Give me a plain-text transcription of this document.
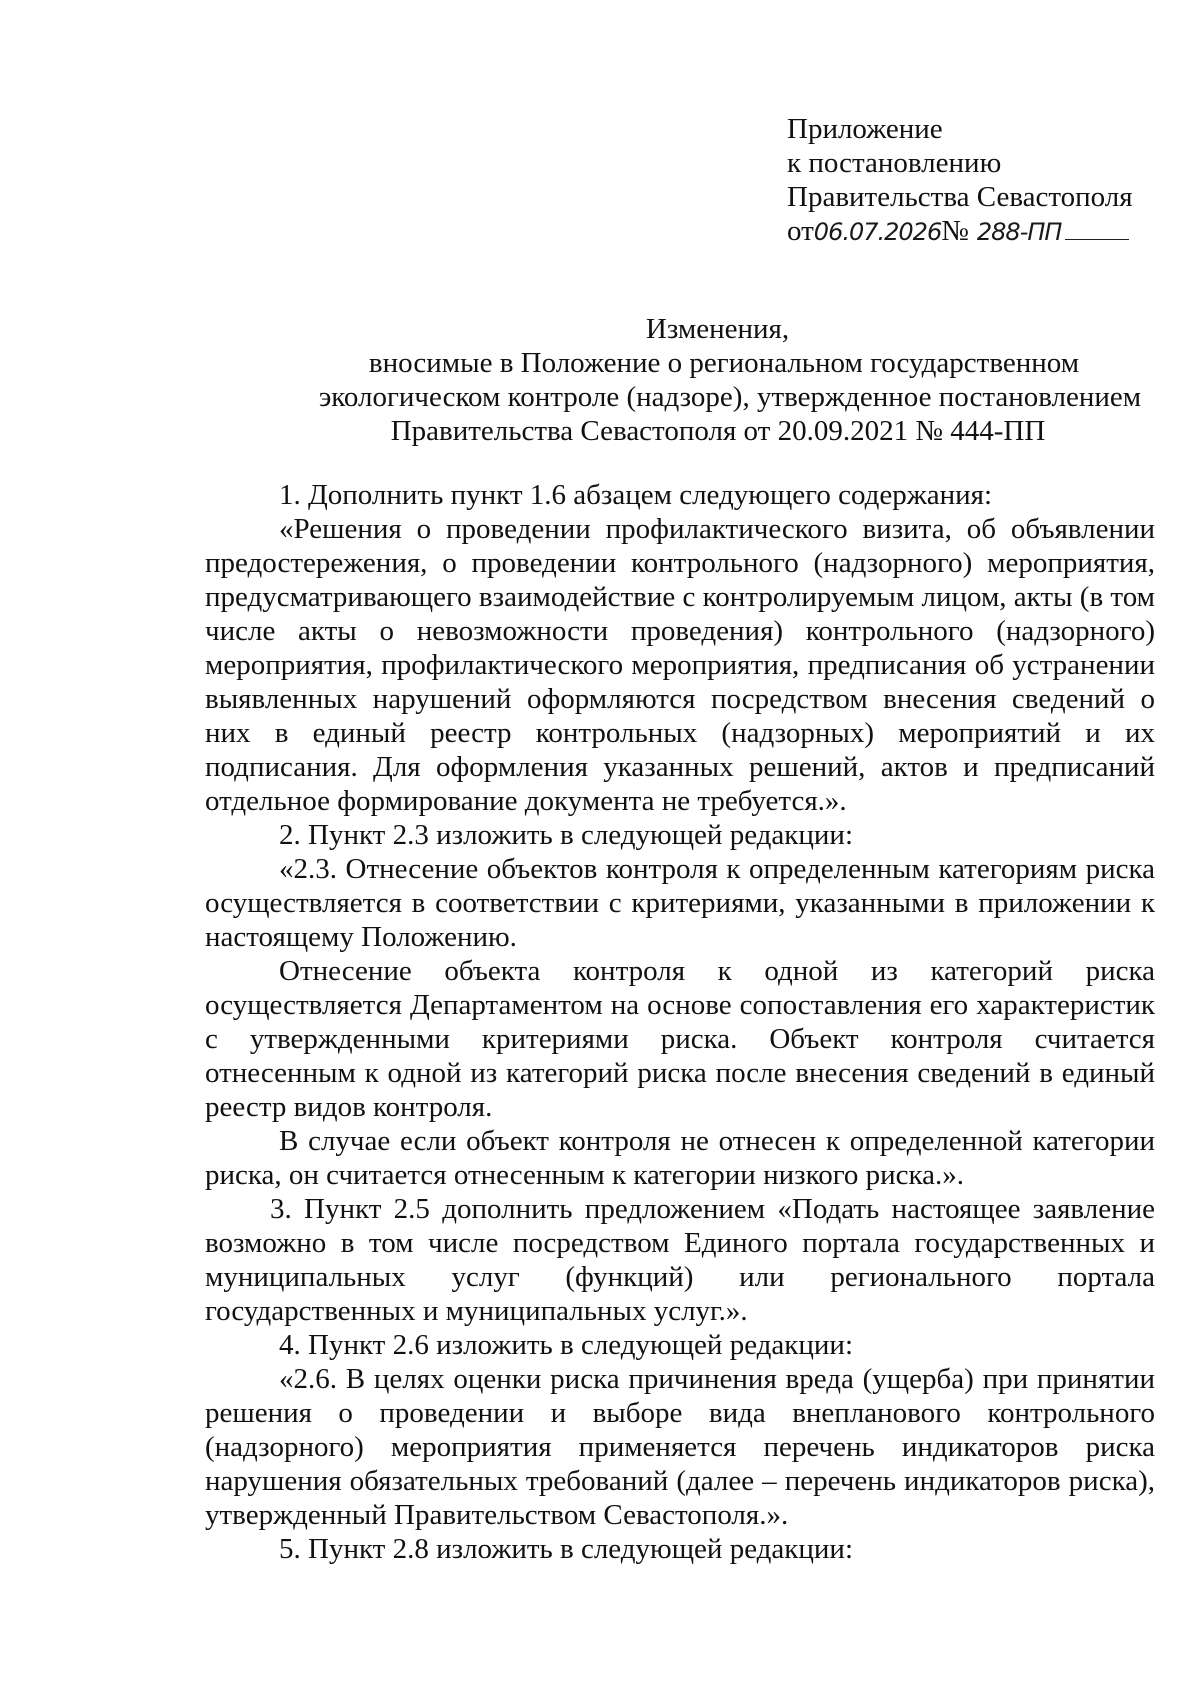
Приложение
к постановлению
Правительства Севастополя
от06.07.2026№ 288-ПП
Изменения,
вносимые в Положение о региональном государственном
экологическом контроле (надзоре), утвержденное постановлением
Правительства Севастополя от 20.09.2021 № 444-ПП

1. Дополнить пункт 1.6 абзацем следующего содержания:

«Решения о проведении профилактического визита, об объявлении предостережения, о проведении контрольного (надзорного) мероприятия, предусматривающего взаимодействие с контролируемым лицом, акты (в том числе акты о невозможности проведения) контрольного (надзорного) мероприятия, профилактического мероприятия, предписания об устранении выявленных нарушений оформляются посредством внесения сведений о них в единый реестр контрольных (надзорных) мероприятий и их подписания. Для оформления указанных решений, актов и предписаний отдельное формирование документа не требуется.».

2. Пункт 2.3 изложить в следующей редакции:

«2.3. Отнесение объектов контроля к определенным категориям риска осуществляется в соответствии с критериями, указанными в приложении к настоящему Положению.

Отнесение объекта контроля к одной из категорий риска осуществляется Департаментом на основе сопоставления его характеристик с утвержденными критериями риска. Объект контроля считается отнесенным к одной из категорий риска после внесения сведений в единый реестр видов контроля.

В случае если объект контроля не отнесен к определенной категории риска, он считается отнесенным к категории низкого риска.».

3. Пункт 2.5 дополнить предложением «Подать настоящее заявление возможно в том числе посредством Единого портала государственных и муниципальных услуг (функций) или регионального портала государственных и муниципальных услуг.».

4. Пункт 2.6 изложить в следующей редакции:

«2.6. В целях оценки риска причинения вреда (ущерба) при принятии решения о проведении и выборе вида внепланового контрольного (надзорного) мероприятия применяется перечень индикаторов риска нарушения обязательных требований (далее – перечень индикаторов риска), утвержденный Правительством Севастополя.».

5. Пункт 2.8 изложить в следующей редакции:
